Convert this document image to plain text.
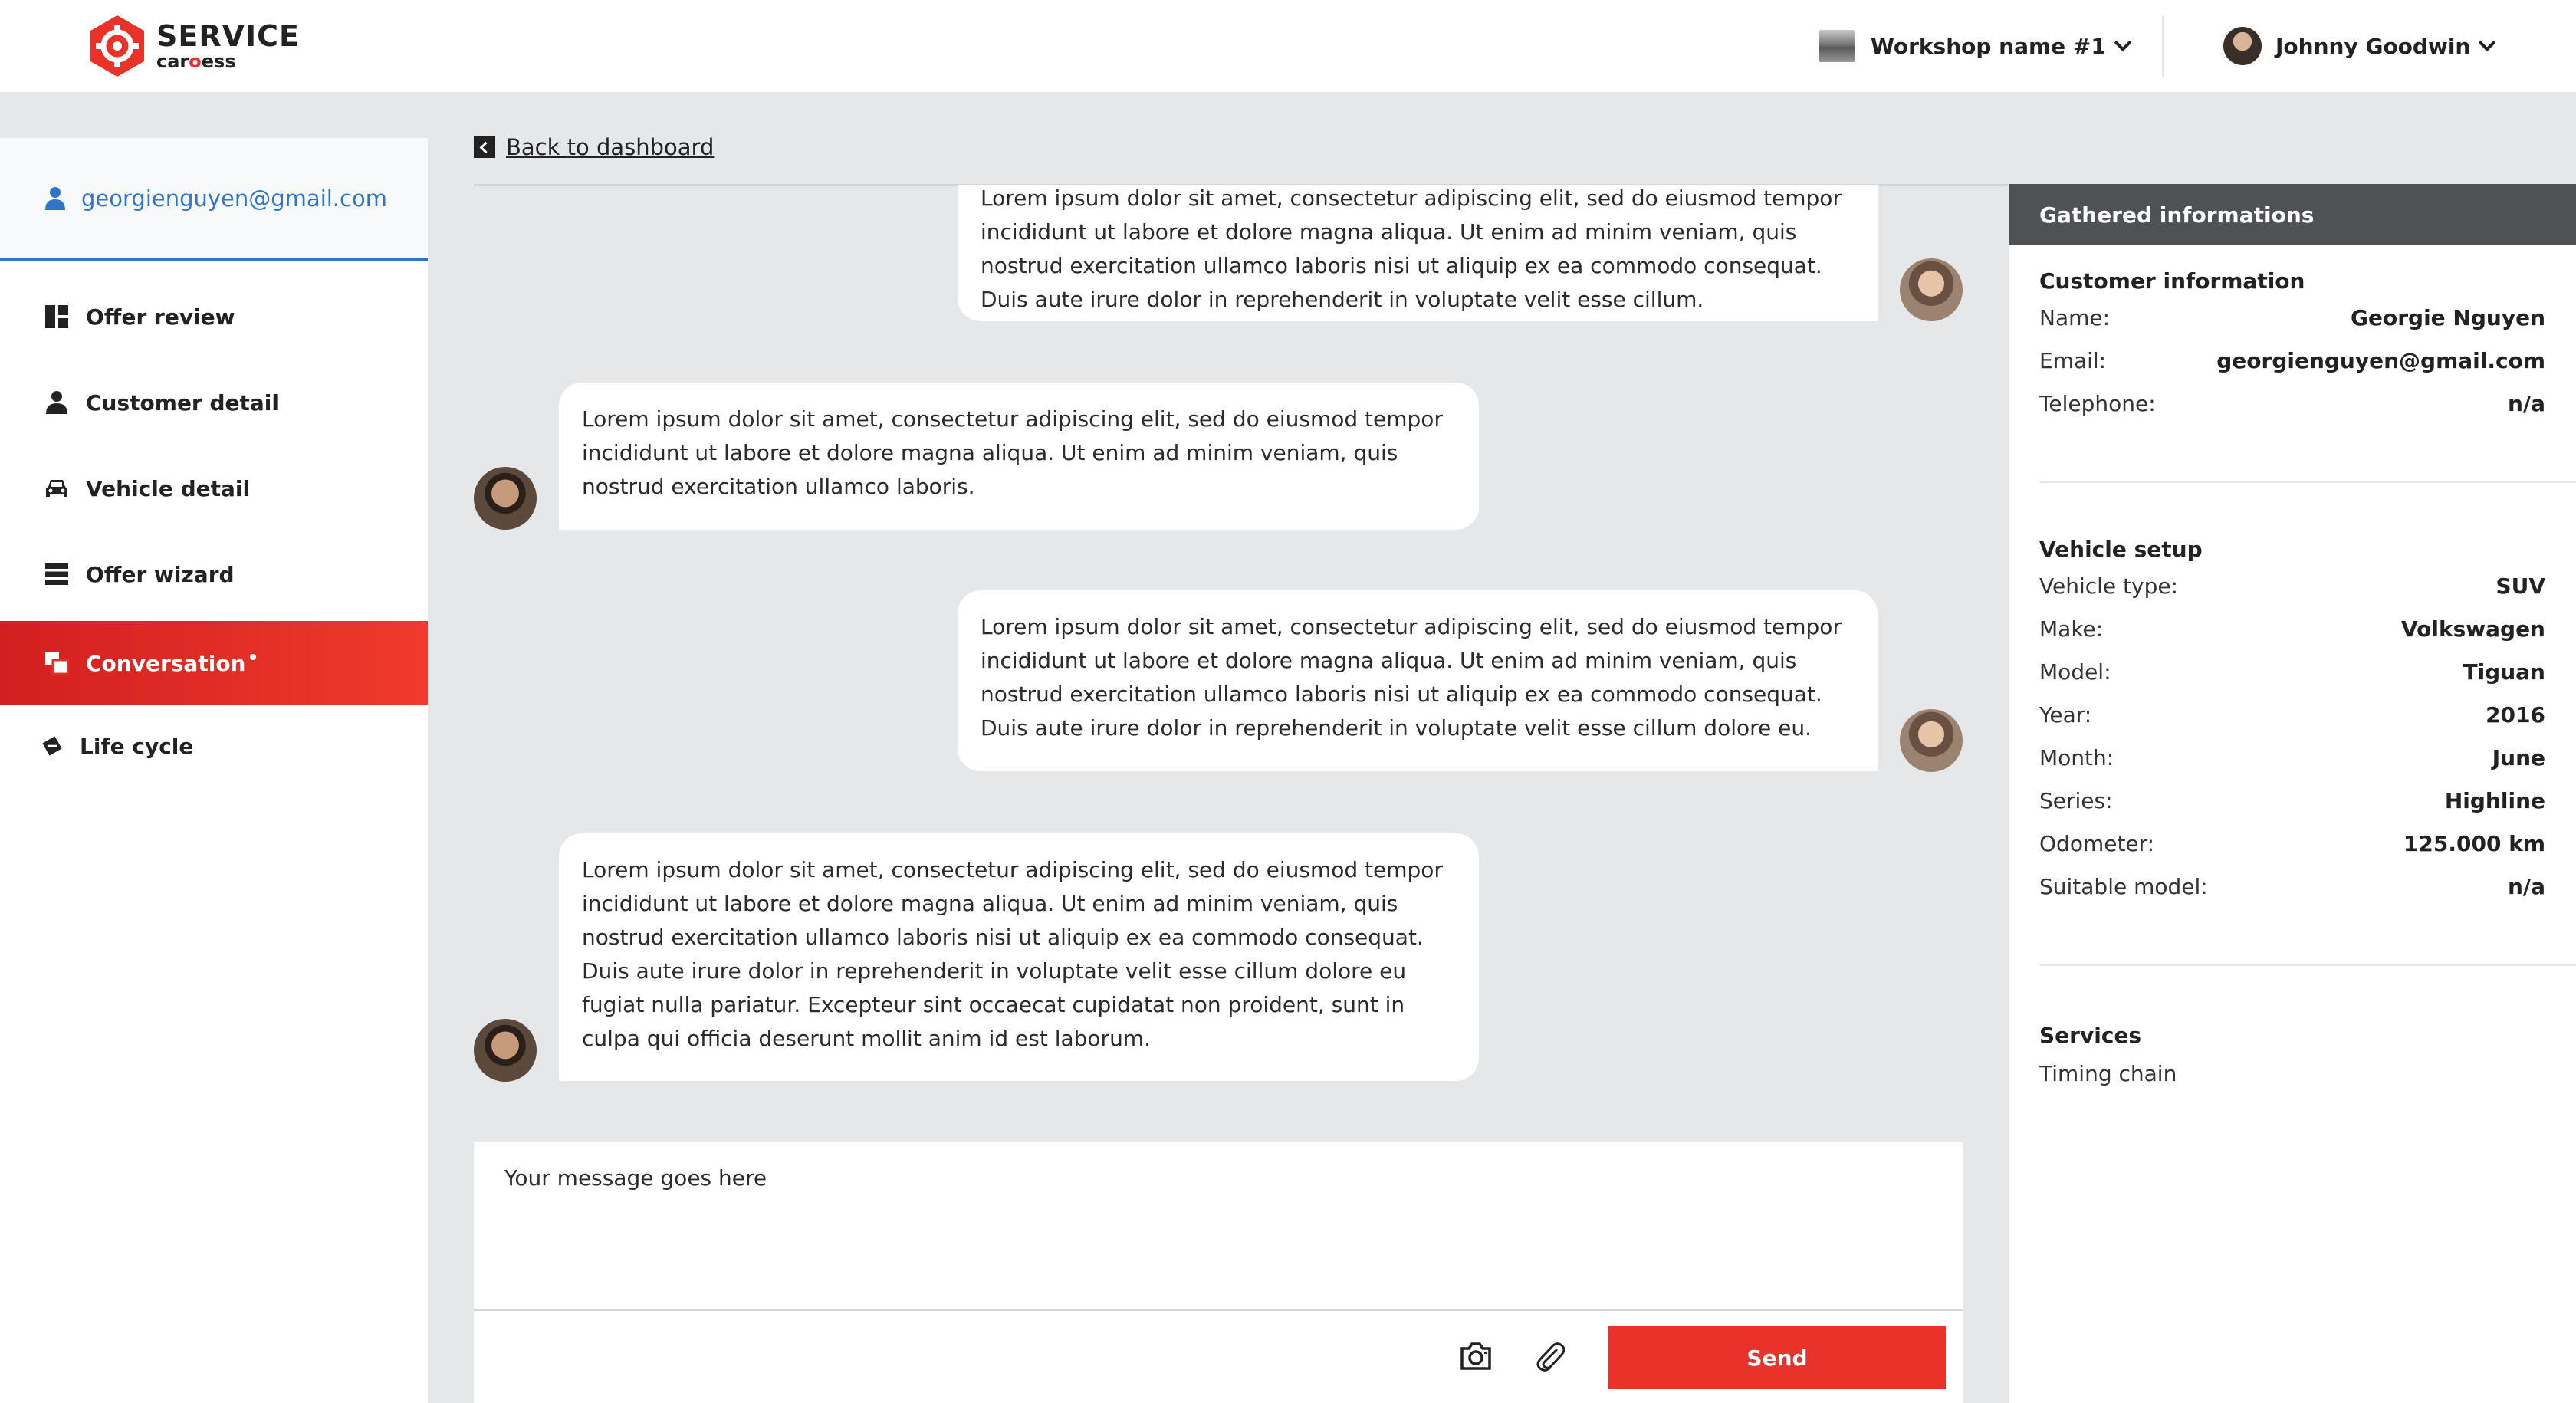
SERVICE
caroess
Workshop name #1	Johnny Goodwin
georgienguyen@gmail.com
Offer review
Customer detail
Vehicle detail
Offer wizard
Conversation
Life cycle
Back to dashboard
Lorem ipsum dolor sit amet, consectetur adipiscing elit, sed do eiusmod tempor incididunt ut labore et dolore magna aliqua. Ut enim ad minim veniam, quis nostrud exercitation ullamco laboris nisi ut aliquip ex ea commodo consequat. Duis aute irure dolor in reprehenderit in voluptate velit esse cillum.
Lorem ipsum dolor sit amet, consectetur adipiscing elit, sed do eiusmod tempor incididunt ut labore et dolore magna aliqua. Ut enim ad minim veniam, quis nostrud exercitation ullamco laboris.
Lorem ipsum dolor sit amet, consectetur adipiscing elit, sed do eiusmod tempor incididunt ut labore et dolore magna aliqua. Ut enim ad minim veniam, quis nostrud exercitation ullamco laboris nisi ut aliquip ex ea commodo consequat. Duis aute irure dolor in reprehenderit in voluptate velit esse cillum dolore eu.
Lorem ipsum dolor sit amet, consectetur adipiscing elit, sed do eiusmod tempor incididunt ut labore et dolore magna aliqua. Ut enim ad minim veniam, quis nostrud exercitation ullamco laboris nisi ut aliquip ex ea commodo consequat. Duis aute irure dolor in reprehenderit in voluptate velit esse cillum dolore eu fugiat nulla pariatur. Excepteur sint occaecat cupidatat non proident, sunt in culpa qui officia deserunt mollit anim id est laborum.
Your message goes here
Send
Gathered informations
Customer information
Name:	Georgie Nguyen
Email:	georgienguyen@gmail.com
Telephone:	n/a
Vehicle setup
Vehicle type:	SUV
Make:	Volkswagen
Model:	Tiguan
Year:	2016
Month:	June
Series:	Highline
Odometer:	125.000 km
Suitable model:	n/a
Services
Timing chain
